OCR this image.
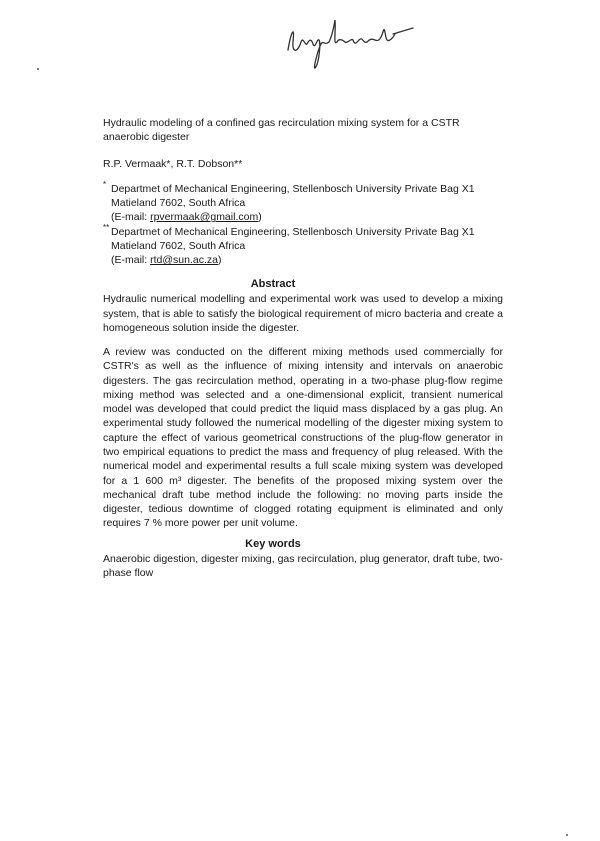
Hydraulic modeling of a confined gas recirculation mixing system for a CSTR anaerobic digester

R.P. Vermaak*, R.T. Dobson**
* Departmet of Mechanical Engineering, Stellenbosch University Private Bag X1
Matieland 7602, South Africa
(E-mail: rpvermaak@gmail.com)
** Departmet of Mechanical Engineering, Stellenbosch University Private Bag X1
Matieland 7602, South Africa
(E-mail: rtd@sun.ac.za)
Abstract

Hydraulic numerical modelling and experimental work was used to develop a mixing system, that is able to satisfy the biological requirement of micro bacteria and create a homogeneous solution inside the digester.

A review was conducted on the different mixing methods used commercially for CSTR's as well as the influence of mixing intensity and intervals on anaerobic digesters. The gas recirculation method, operating in a two-phase plug-flow regime mixing method was selected and a one-dimensional explicit, transient numerical model was developed that could predict the liquid mass displaced by a gas plug. An experimental study followed the numerical modelling of the digester mixing system to capture the effect of various geometrical constructions of the plug-flow generator in two empirical equations to predict the mass and frequency of plug released. With the numerical model and experimental results a full scale mixing system was developed for a 1 600 m³ digester. The benefits of the proposed mixing system over the mechanical draft tube method include the following: no moving parts inside the digester, tedious downtime of clogged rotating equipment is eliminated and only requires 7 % more power per unit volume.

Key words

Anaerobic digestion, digester mixing, gas recirculation, plug generator, draft tube, two-phase flow
